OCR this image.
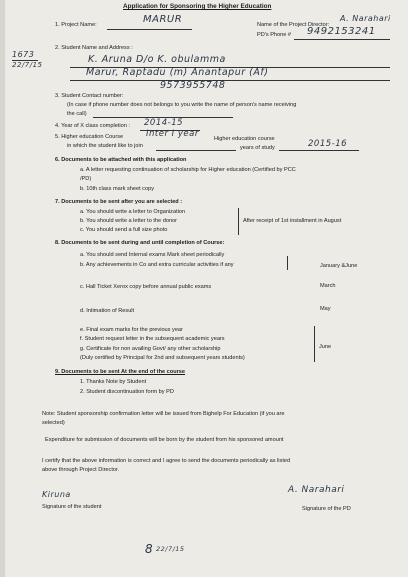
Application for Sponsoring the Higher Education
1673
22/7/15
1. Project Name:	MARUR	Name of the Project Director:
A. Narahari
PD's Phone # 9492153241
2. Student Name and Address :
K. Aruna D/o K. obulamma
Marur, Raptadu (m) Anantapur (Af)
9573955748
3. Student Contact number:
(In case if phone number does not belongs to you write the name of person's name receiving
the call)
4. Year of X class completion : 2014-15
5. Higher education Course	Inter I year	Higher education course
in which the student like to join	years of study	2015-16
6. Documents to be attached with this application
a. A letter requesting continuation of scholarship for Higher education (Certified by PCC
/PD)
b. 10th class mark sheet copy
7. Documents to be sent after you are selected :
a. You should write a letter to Organization
b. You should write a letter to the donor
c. You should send a full size photo
After receipt of 1st installment in August
8. Documents to be sent during and until completion of Course:
a. You should send Internal exams Mark sheet periodically
b. Any achievements in Co and extra curricular activities if any	January &June
c. Hall Ticket Xerox copy before annual public exams	March
d. Intimation of Result	May
e. Final exam marks for the previous year
f. Student request letter in the subsequent academic years
g. Certificate for non availing Govt/ any other scholarship
(Duly certified by Principal for 2nd and subsequent years students)
June
9. Documents to be sent At the end of the course
1. Thanks Note by Student
2. Student discontinuation form by PD
Note: Student sponsorship confirmation letter will be issued from Bighelp For Education (if you are
selected)
Expenditure for submission of documents will be born by the student from his sponsored amount
I certify that the above information is correct and I agree to send the documents periodically as listed
above through Project Director.
Kiruna
Signature of the student
A. Narahari
Signature of the PD
8 22/7/15
